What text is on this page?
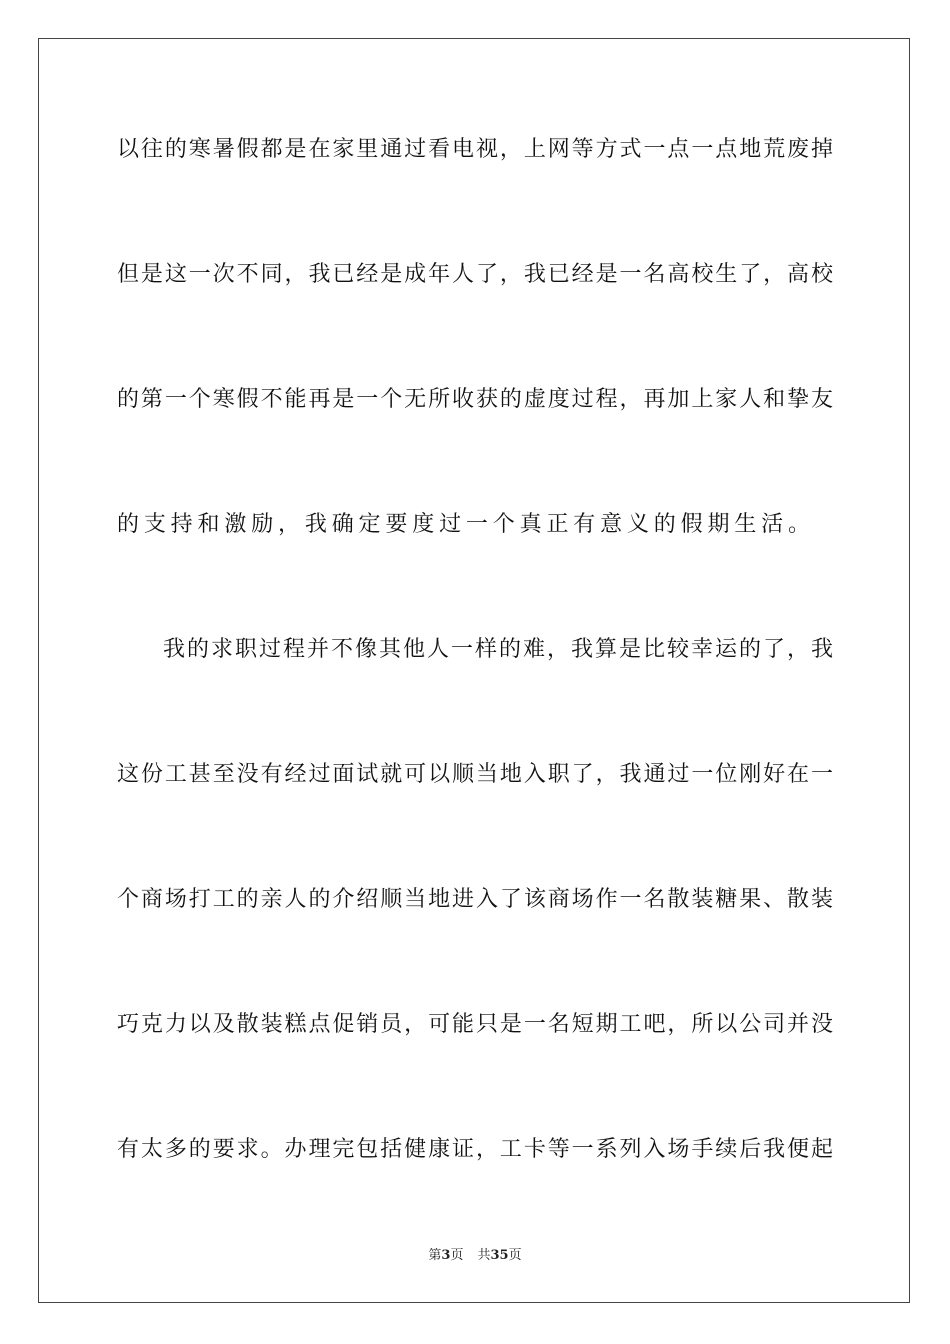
以往的寒暑假都是在家里通过看电视，上网等方式一点一点地荒废掉
但是这一次不同，我已经是成年人了，我已经是一名高校生了，高校
的第一个寒假不能再是一个无所收获的虚度过程，再加上家人和挚友
的支持和激励，我确定要度过一个真正有意义的假期生活。
我的求职过程并不像其他人一样的难，我算是比较幸运的了，我
这份工甚至没有经过面试就可以顺当地入职了，我通过一位刚好在一
个商场打工的亲人的介绍顺当地进入了该商场作一名散装糖果、散装
巧克力以及散装糕点促销员，可能只是一名短期工吧，所以公司并没
有太多的要求。办理完包括健康证，工卡等一系列入场手续后我便起
第3页 共35页
